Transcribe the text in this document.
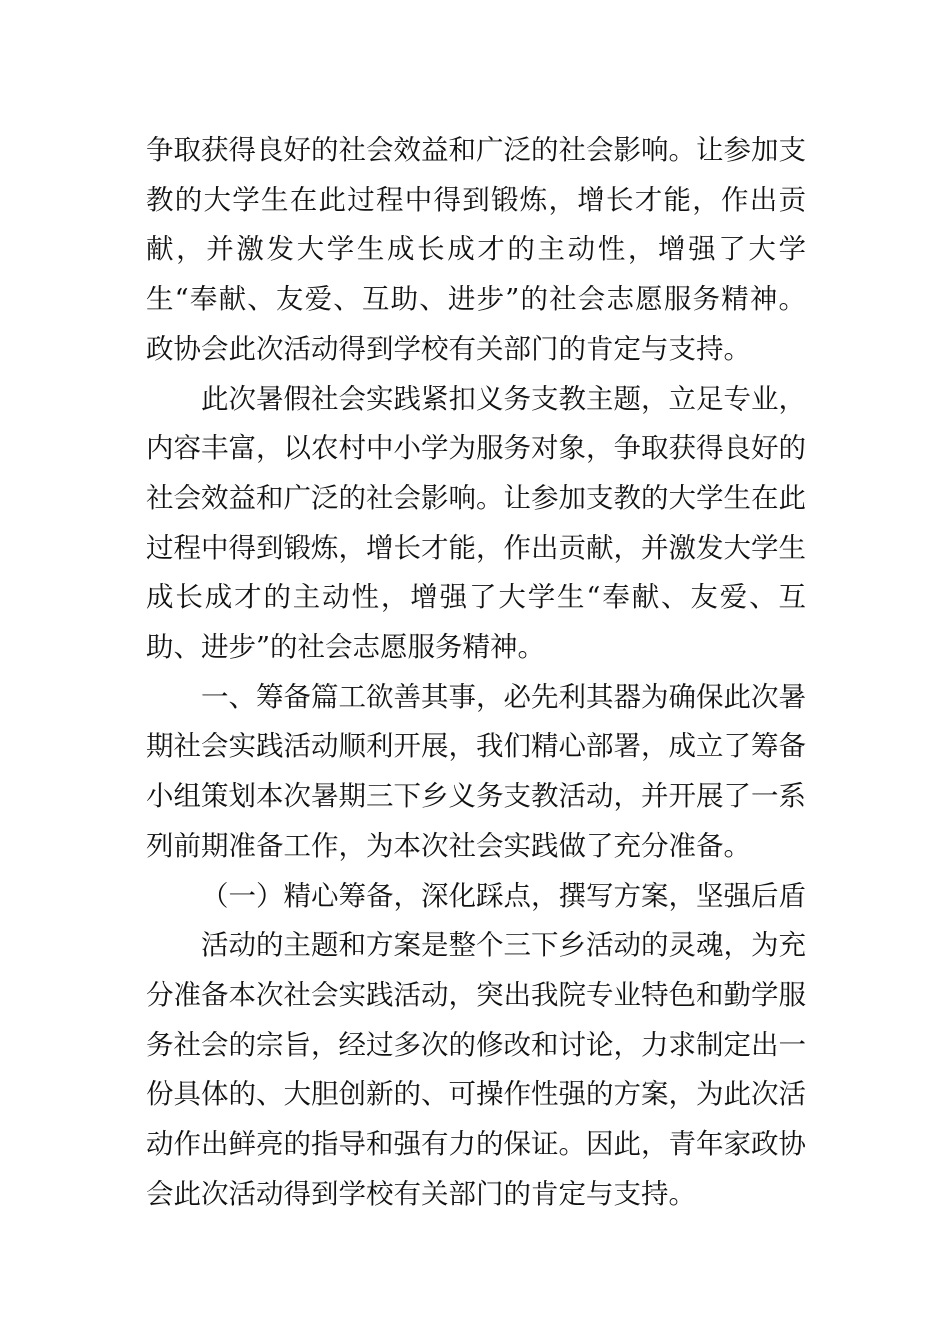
争取获得良好的社会效益和广泛的社会影响。让参加支教的大学生在此过程中得到锻炼，增长才能，作出贡献，并激发大学生成长成才的主动性，增强了大学生“奉献、友爱、互助、进步”的社会志愿服务精神。政协会此次活动得到学校有关部门的肯定与支持。

此次暑假社会实践紧扣义务支教主题，立足专业，内容丰富，以农村中小学为服务对象，争取获得良好的社会效益和广泛的社会影响。让参加支教的大学生在此过程中得到锻炼，增长才能，作出贡献，并激发大学生成长成才的主动性，增强了大学生“奉献、友爱、互助、进步”的社会志愿服务精神。

一、筹备篇工欲善其事，必先利其器为确保此次暑期社会实践活动顺利开展，我们精心部署，成立了筹备小组策划本次暑期三下乡义务支教活动，并开展了一系列前期准备工作，为本次社会实践做了充分准备。

（一）精心筹备，深化踩点，撰写方案，坚强后盾

活动的主题和方案是整个三下乡活动的灵魂，为充分准备本次社会实践活动，突出我院专业特色和勤学服务社会的宗旨，经过多次的修改和讨论，力求制定出一份具体的、大胆创新的、可操作性强的方案，为此次活动作出鲜亮的指导和强有力的保证。因此，青年家政协会此次活动得到学校有关部门的肯定与支持。
